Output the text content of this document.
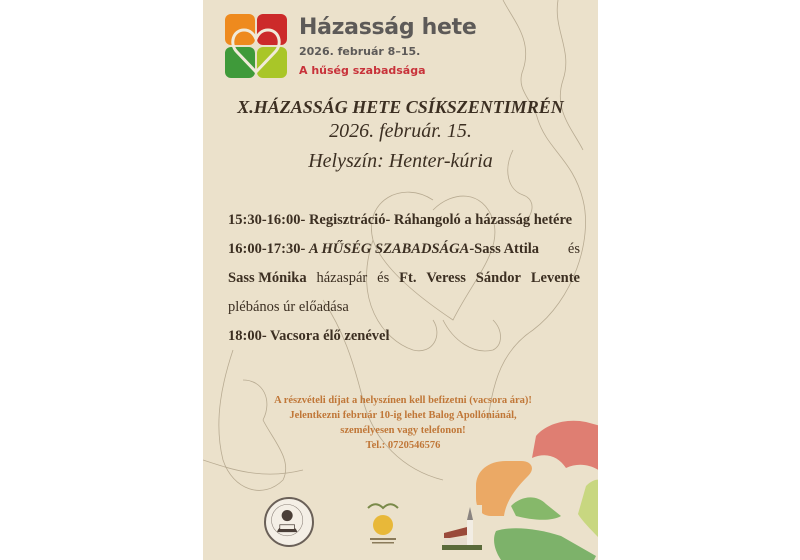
Házasság hete
2026. február 8–15.
A hűség szabadsága
X.HÁZASSÁG HETE CSÍKSZENTIMRÉN
2026. február. 15.
Helyszín: Henter-kúria
15:30-16:00- Regisztráció- Ráhangoló a házasság hetére
16:00-17:30- A HŰSÉG SZABADSÁGA-Sass Attila és
Sass Mónika házaspár és Ft. Veress Sándor Levente
plébános úr előadása
18:00- Vacsora élő zenével
A részvételi díjat a helyszínen kell befizetni (vacsora ára)!
Jelentkezni február 10-ig lehet Balog Apollóniánál,
személyesen vagy telefonon!
Tel.: 0720546576
